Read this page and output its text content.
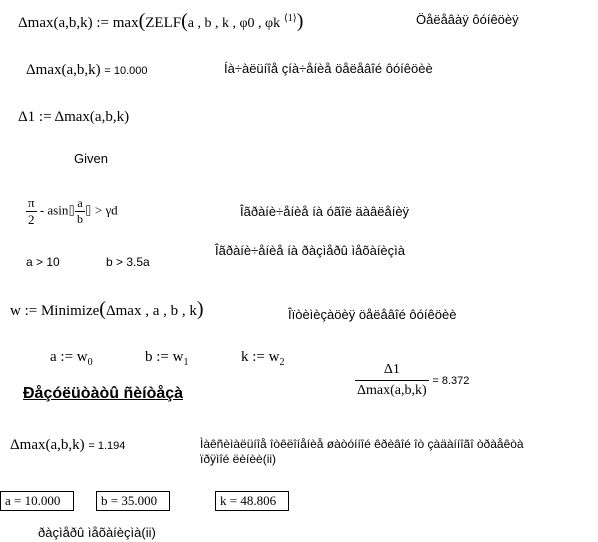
Δmax(a,b,k) := max(ZELF(a , b , k , φ0 , φk $^{⟨1⟩}$)	Öåëåâàÿ ôóíêöèÿ
Δmax(a,b,k) = 10.000	Íà÷àëüíîå çíà÷åíèå öåëåâîé ôóíêöèè
Δ1 := Δmax(a,b,k)
Given
$\frac{\pi}{2}$ - asin⌷ $\frac{a}{b}$ ⌷ > γd	Îãðàíè÷åíèå íà óãîë äàâëåíèÿ
a > 10	b > 3.5a
Îãðàíè÷åíèå íà ðàçìåðû ìåõàíèçìà
w := Minimize(Δmax , a , b , k)	Îïòèìèçàöèÿ öåëåâîé ôóíêöèè
a := $w_0$	b := $w_1$	k := $w_2$	$\frac{\Delta 1}{\Delta\max(a,b,k)} = 8.372$
Ðåçóëüòàòû ñèíòåçà
Δmax(a,b,k) = 1.194	Ìàêñèìàëüíîå îòêëîíåíèå øàòóííîé êðèâîé îò çàäàííîãî òðàåêòà
ïðÿìîé ëèíèè(ii)
a = 10.000	b = 35.000	k = 48.806
ðàçìåðû ìåõàíèçìà(ii)
